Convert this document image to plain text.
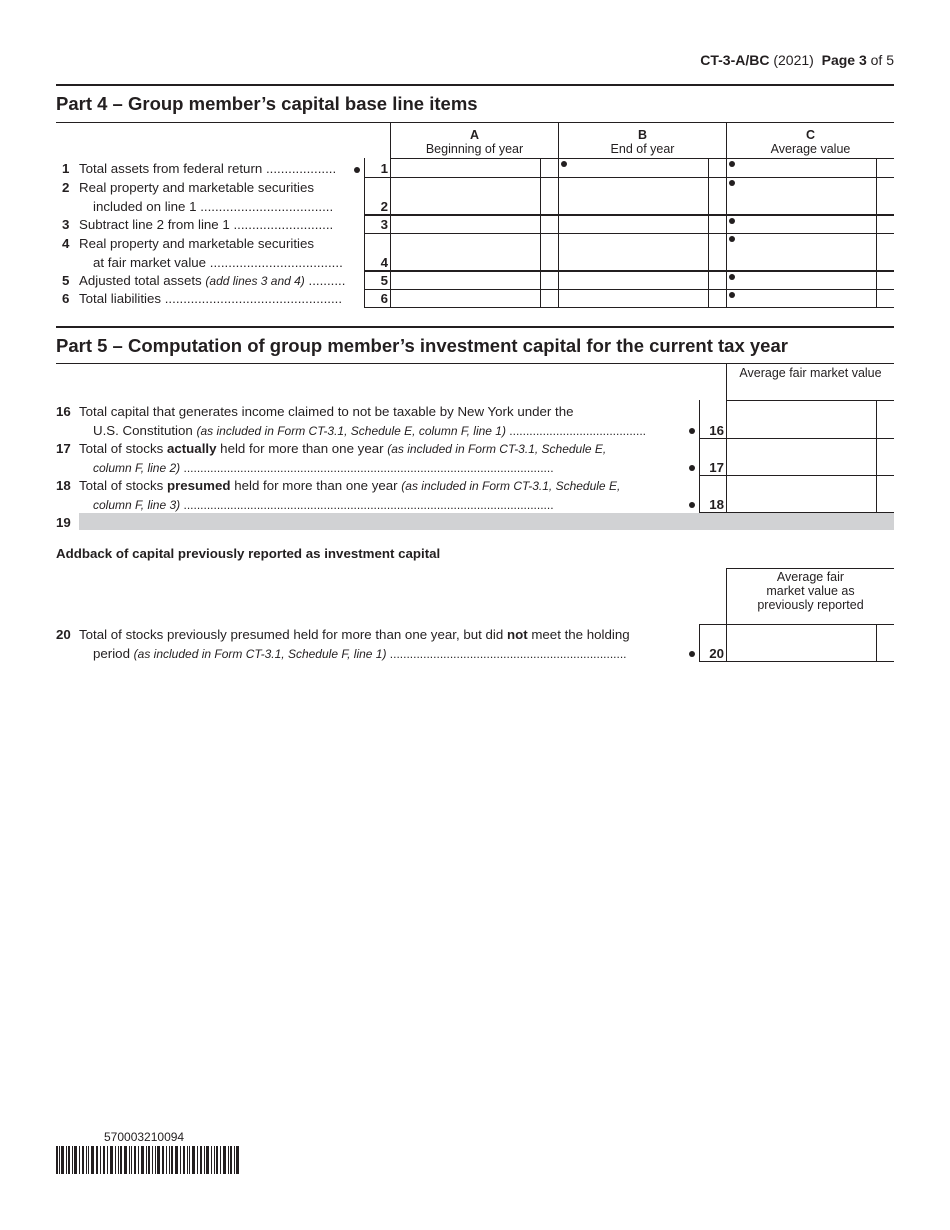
CT-3-A/BC (2021) Page 3 of 5
Part 4 – Group member’s capital base line items
A
Beginning of year
B
End of year
C
Average value
1 Total assets from federal return ...................	1
2 Real property and marketable securities
included on line 1 ....................................	2
3 Subtract line 2 from line 1 ...........................	3
4 Real property and marketable securities
at fair market value ....................................	4
5 Adjusted total assets (add lines 3 and 4) ..........	5
6 Total liabilities ................................................	6
Part 5 – Computation of group member’s investment capital for the current tax year
Average fair market value
16 Total capital that generates income claimed to not be taxable by New York under the
U.S. Constitution (as included in Form CT-3.1, Schedule E, column F, line 1) .........................................	16
17 Total of stocks actually held for more than one year (as included in Form CT-3.1, Schedule E,
column F, line 2) ...............................................................................................................	17
18 Total of stocks presumed held for more than one year (as included in Form CT-3.1, Schedule E,
column F, line 3) ...............................................................................................................	18
19
Addback of capital previously reported as investment capital
Average fair market value as previously reported
20 Total of stocks previously presumed held for more than one year, but did not meet the holding
period (as included in Form CT-3.1, Schedule F, line 1) .......................................................................	20
570003210094
